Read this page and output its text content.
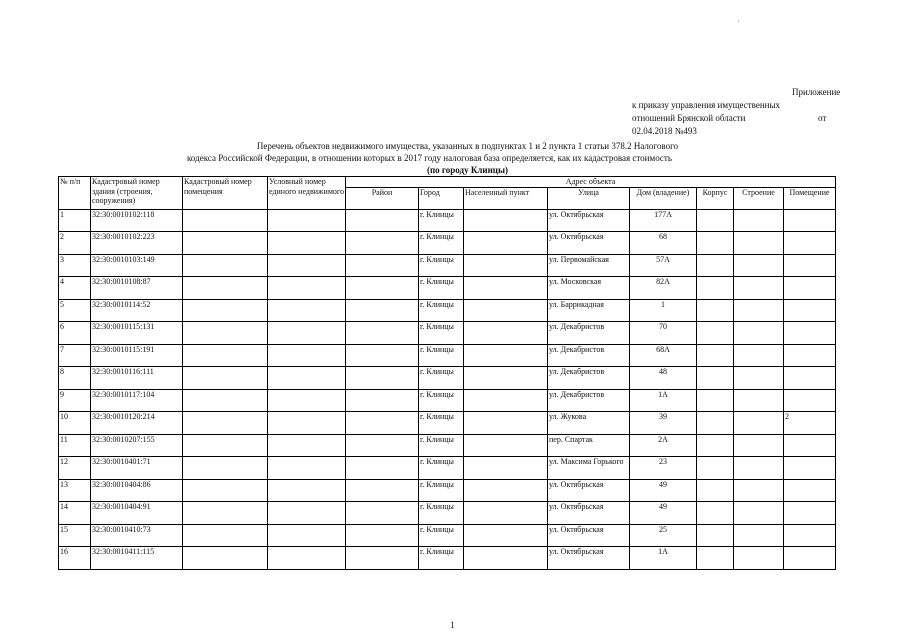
Приложение
к приказу управления имущественных
отношений Брянской области	от
02.04.2018 №493
Перечень объектов недвижимого имущества, указанных в подпунктах 1 и 2 пункта 1 статьи 378.2 Налогового
кодекса Российской Федерации, в отношении которых в 2017 году налоговая база определяется, как их кадастровая стоимость
(по городу Клинцы)
№ п/п	Кадастровый номер здания (строения, сооружения)	Кадастровый номер помещения	Условный номер единого недвижимого	Адрес объекта							
				Район	Город	Населенный пункт	Улица	Дом (владение)	Корпус	Строение	Помещение
1	32:30:0010102:118				г. Клинцы		ул. Октябрьская	177А			
2	32:30:0010102:223				г. Клинцы		ул. Октябрьская	68			
3	32:30:0010103:149				г. Клинцы		ул. Первомайская	57А			
4	32:30:0010108:87				г. Клинцы		ул. Московская	82А			
5	32:30:0010114:52				г. Клинцы		ул. Баррикадная	1			
6	32:30:0010115:131				г. Клинцы		ул. Декабристов	70			
7	32:30:0010115:191				г. Клинцы		ул. Декабристов	68А			
8	32:30:0010116:111				г. Клинцы		ул. Декабристов	48			
9	32:30:0010117:104				г. Клинцы		ул. Декабристов	1А			
10	32:30:0010120:214				г. Клинцы		ул. Жукова	39			2
11	32:30:0010207:155				г. Клинцы		пер. Спартак	2А			
12	32:30:0010401:71				г. Клинцы		ул. Максима Горького	23			
13	32:30:0010404:86				г. Клинцы		ул. Октябрьская	49			
14	32:30:0010404:91				г. Клинцы		ул. Октябрьская	49			
15	32:30:0010410:73				г. Клинцы		ул. Октябрьская	25			
16	32:30:0010411:115				г. Клинцы		ул. Октябрьская	1А			
1
